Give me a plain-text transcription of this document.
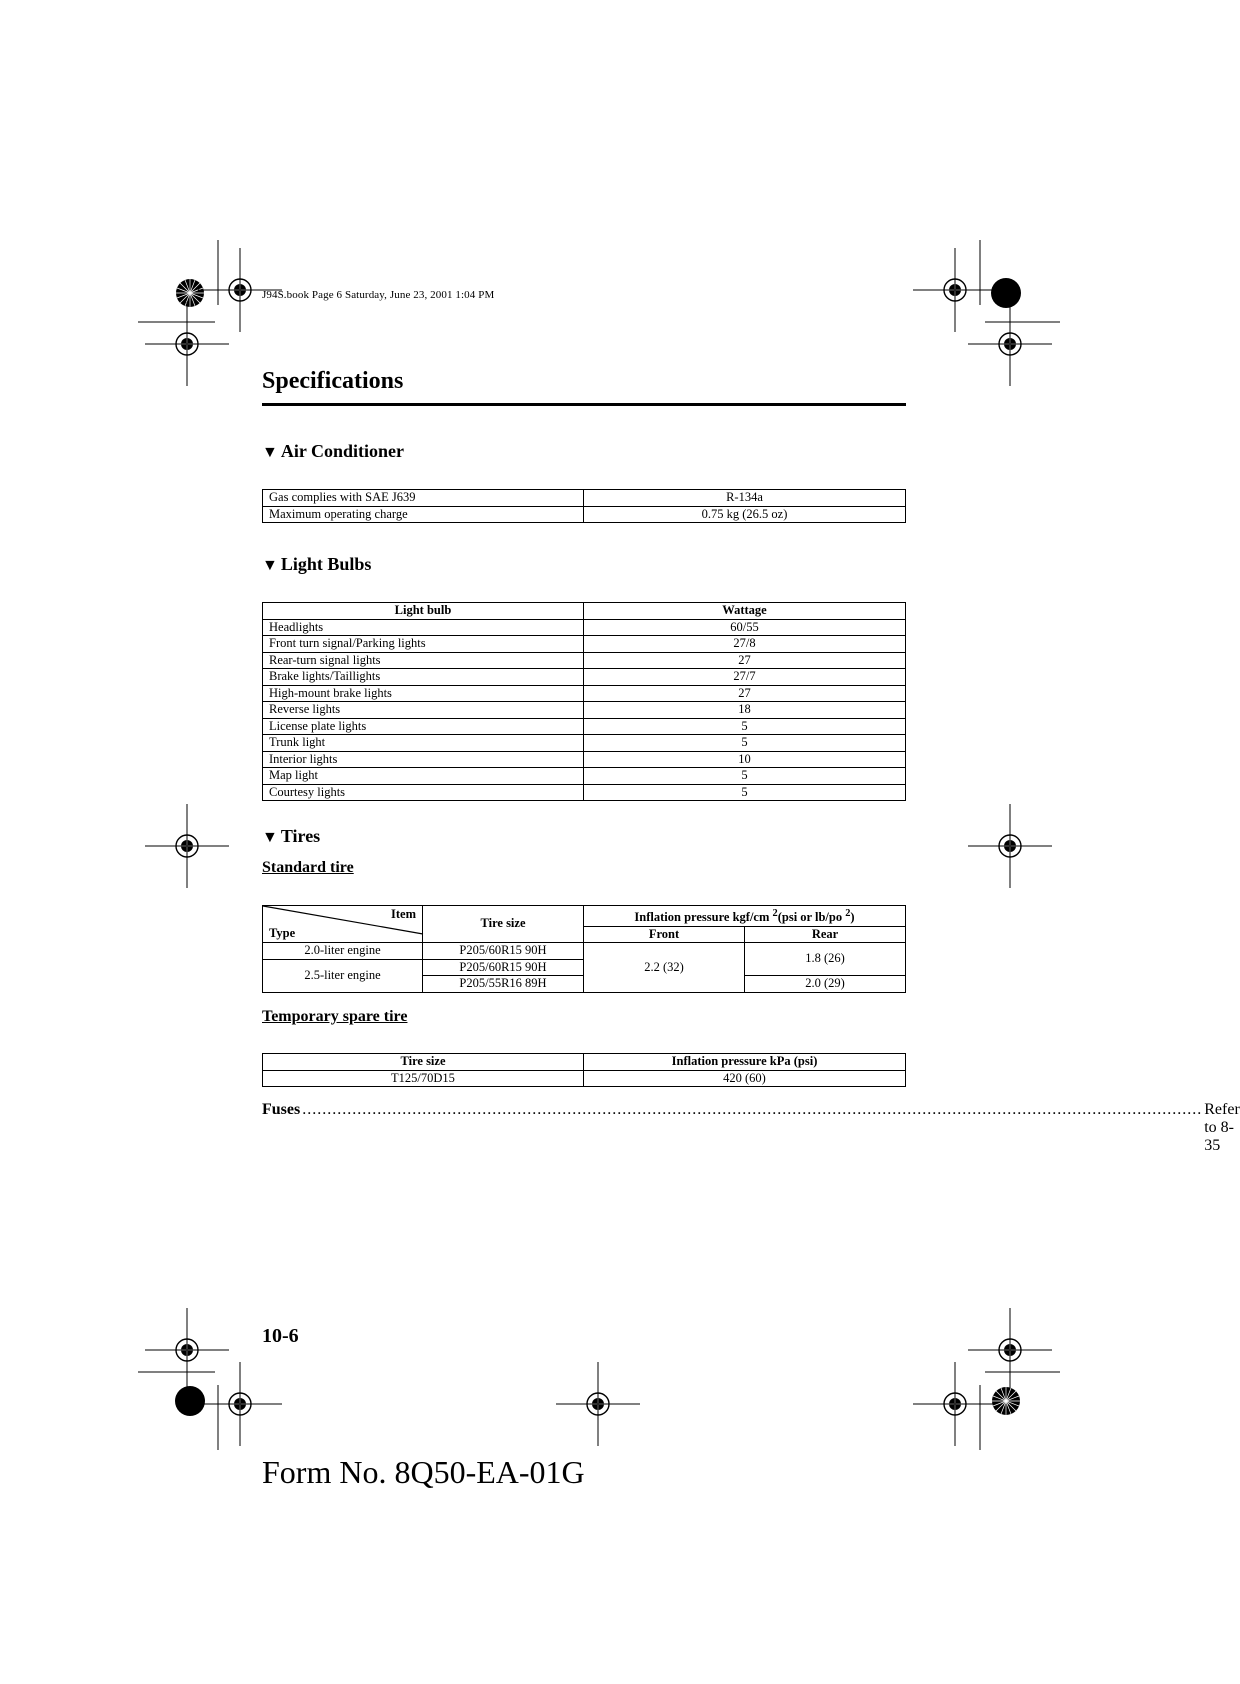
J94S.book Page 6 Saturday, June 23, 2001 1:04 PM
Specifications
▼ Air Conditioner
Gas complies with SAE J639	R-134a
Maximum operating charge	0.75 kg (26.5 oz)
▼ Light Bulbs
Light bulb	Wattage
Headlights	60/55
Front turn signal/Parking lights	27/8
Rear-turn signal lights	27
Brake lights/Taillights	27/7
High-mount brake lights	27
Reverse lights	18
License plate lights	5
Trunk light	5
Interior lights	10
Map light	5
Courtesy lights	5
▼ Tires
Standard tire
Item
Type	Tire size	Inflation pressure kgf/cm $^2$(psi or lb/po $^2$)	
		Front	Rear
2.0-liter engine	P205/60R15 90H	2.2 (32)	1.8 (26)
2.5-liter engine	P205/60R15 90H		
	P205/55R16 89H		2.0 (29)
Temporary spare tire
Tire size	Inflation pressure kPa (psi)
T125/70D15	420 (60)
Fuses .................................................................................................................................................................................... Refer to 8-35
10-6
Form No. 8Q50-EA-01G
